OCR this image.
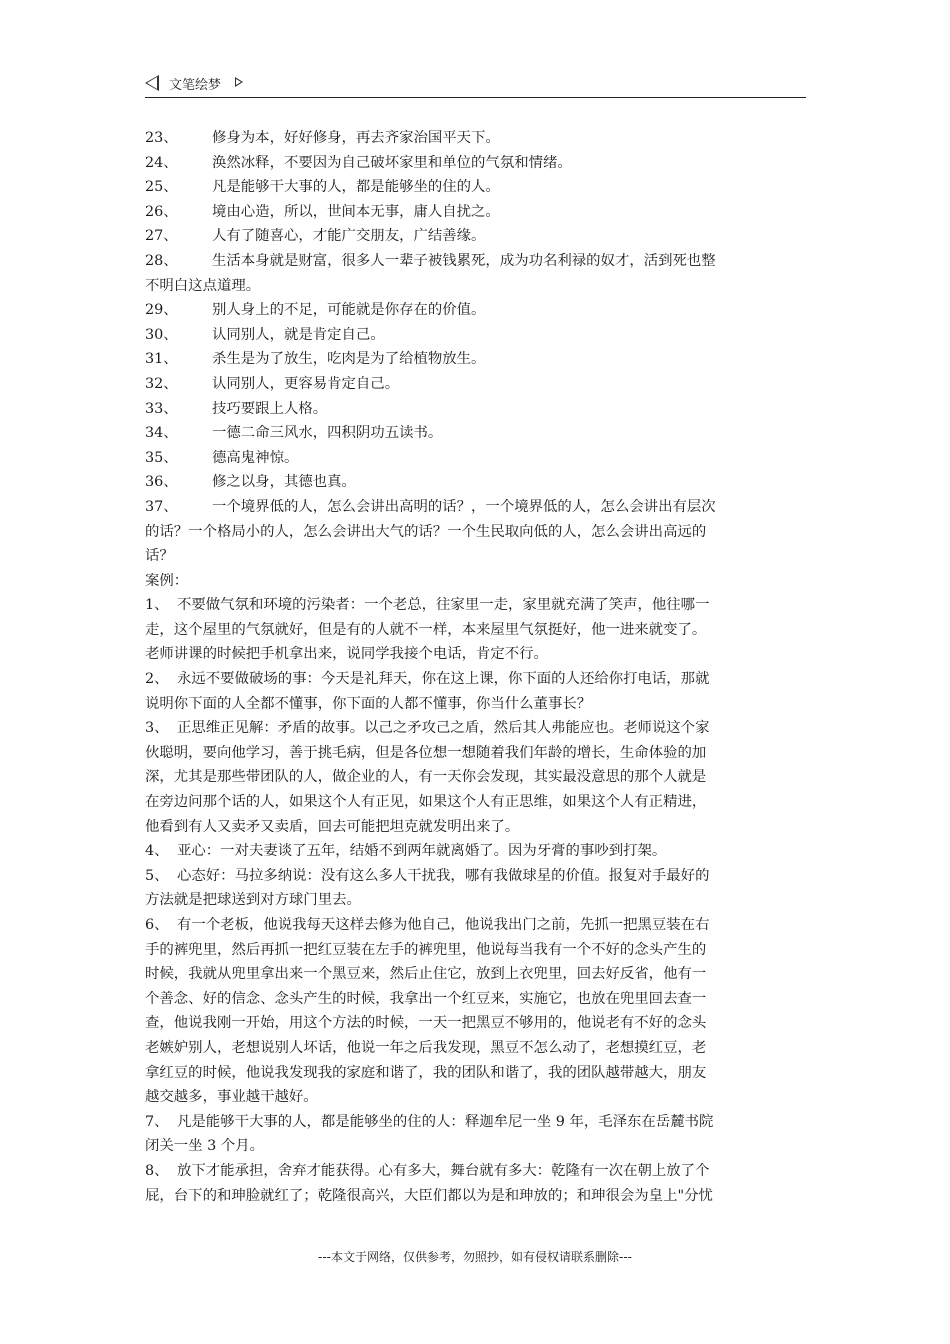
文笔绘梦
23、 修身为本，好好修身，再去齐家治国平天下。
24、 涣然冰释，不要因为自己破坏家里和单位的气氛和情绪。
25、 凡是能够干大事的人，都是能够坐的住的人。
26、 境由心造，所以，世间本无事，庸人自扰之。
27、 人有了随喜心，才能广交朋友，广结善缘。
28、 生活本身就是财富，很多人一辈子被钱累死，成为功名利禄的奴才，活到死也整
不明白这点道理。
29、 别人身上的不足，可能就是你存在的价值。
30、 认同别人，就是肯定自己。
31、 杀生是为了放生，吃肉是为了给植物放生。
32、 认同别人，更容易肯定自己。
33、 技巧要跟上人格。
34、 一德二命三风水，四积阴功五读书。
35、 德高鬼神惊。
36、 修之以身，其德也真。
37、 一个境界低的人，怎么会讲出高明的话？，一个境界低的人，怎么会讲出有层次
的话？一个格局小的人，怎么会讲出大气的话？一个生民取向低的人，怎么会讲出高远的
话？
案例：
1、 不要做气氛和环境的污染者：一个老总，往家里一走，家里就充满了笑声，他往哪一
走，这个屋里的气氛就好，但是有的人就不一样，本来屋里气氛挺好，他一进来就变了。
老师讲课的时候把手机拿出来，说同学我接个电话，肯定不行。
2、 永远不要做破场的事：今天是礼拜天，你在这上课，你下面的人还给你打电话，那就
说明你下面的人全都不懂事，你下面的人都不懂事，你当什么董事长？
3、 正思维正见解：矛盾的故事。以己之矛攻己之盾，然后其人弗能应也。老师说这个家
伙聪明，要向他学习，善于挑毛病，但是各位想一想随着我们年龄的增长，生命体验的加
深，尤其是那些带团队的人，做企业的人，有一天你会发现，其实最没意思的那个人就是
在旁边问那个话的人，如果这个人有正见，如果这个人有正思维，如果这个人有正精进，
他看到有人又卖矛又卖盾，回去可能把坦克就发明出来了。
4、 亚心：一对夫妻谈了五年，结婚不到两年就离婚了。因为牙膏的事吵到打架。
5、 心态好：马拉多纳说：没有这么多人干扰我，哪有我做球星的价值。报复对手最好的
方法就是把球送到对方球门里去。
6、 有一个老板，他说我每天这样去修为他自己，他说我出门之前，先抓一把黑豆装在右
手的裤兜里，然后再抓一把红豆装在左手的裤兜里，他说每当我有一个不好的念头产生的
时候，我就从兜里拿出来一个黑豆来，然后止住它，放到上衣兜里，回去好反省，他有一
个善念、好的信念、念头产生的时候，我拿出一个红豆来，实施它，也放在兜里回去查一
查，他说我刚一开始，用这个方法的时候，一天一把黑豆不够用的，他说老有不好的念头
老嫉妒别人，老想说别人坏话，他说一年之后我发现，黑豆不怎么动了，老想摸红豆，老
拿红豆的时候，他说我发现我的家庭和谐了，我的团队和谐了，我的团队越带越大，朋友
越交越多，事业越干越好。
7、 凡是能够干大事的人，都是能够坐的住的人：释迦牟尼一坐 9 年，毛泽东在岳麓书院
闭关一坐 3 个月。
8、 放下才能承担，舍弃才能获得。心有多大，舞台就有多大：乾隆有一次在朝上放了个
屁，台下的和珅脸就红了；乾隆很高兴，大臣们都以为是和珅放的；和珅很会为皇上"分忧
---本文于网络，仅供参考，勿照抄，如有侵权请联系删除---
